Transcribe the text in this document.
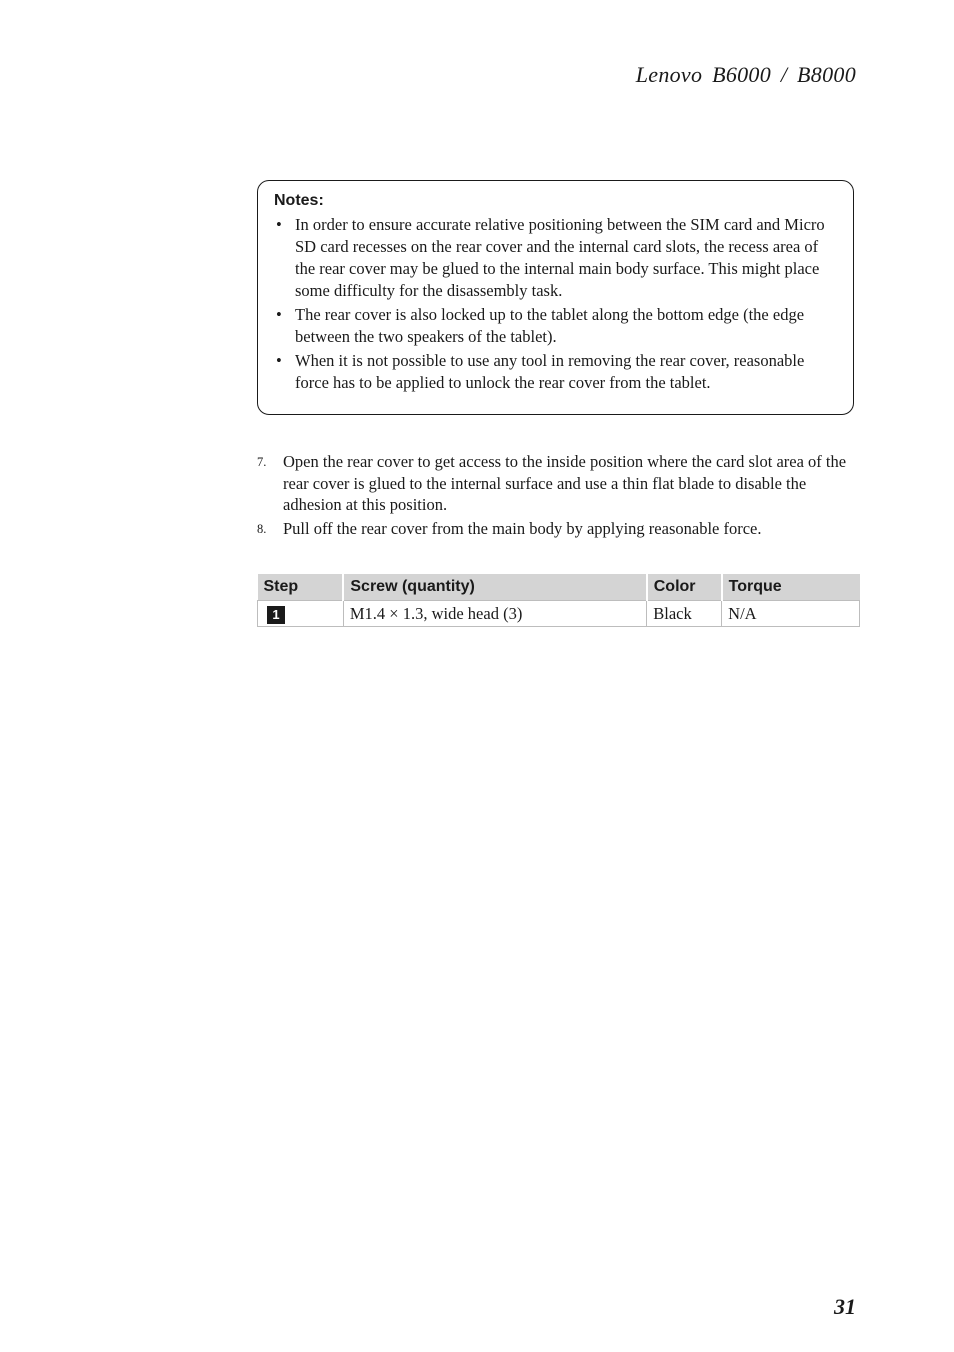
Lenovo B6000 / B8000
Notes:
• In order to ensure accurate relative positioning between the SIM card and Micro SD card recesses on the rear cover and the internal card slots, the recess area of the rear cover may be glued to the internal main body surface. This might place some difficulty for the disassembly task.
• The rear cover is also locked up to the tablet along the bottom edge (the edge between the two speakers of the tablet).
• When it is not possible to use any tool in removing the rear cover, reasonable force has to be applied to unlock the rear cover from the tablet.
7. Open the rear cover to get access to the inside position where the card slot area of the rear cover is glued to the internal surface and use a thin flat blade to disable the adhesion at this position.
8. Pull off the rear cover from the main body by applying reasonable force.
Step	Screw (quantity)	Color	Torque
1	M1.4 × 1.3, wide head (3)	Black	N/A
31
